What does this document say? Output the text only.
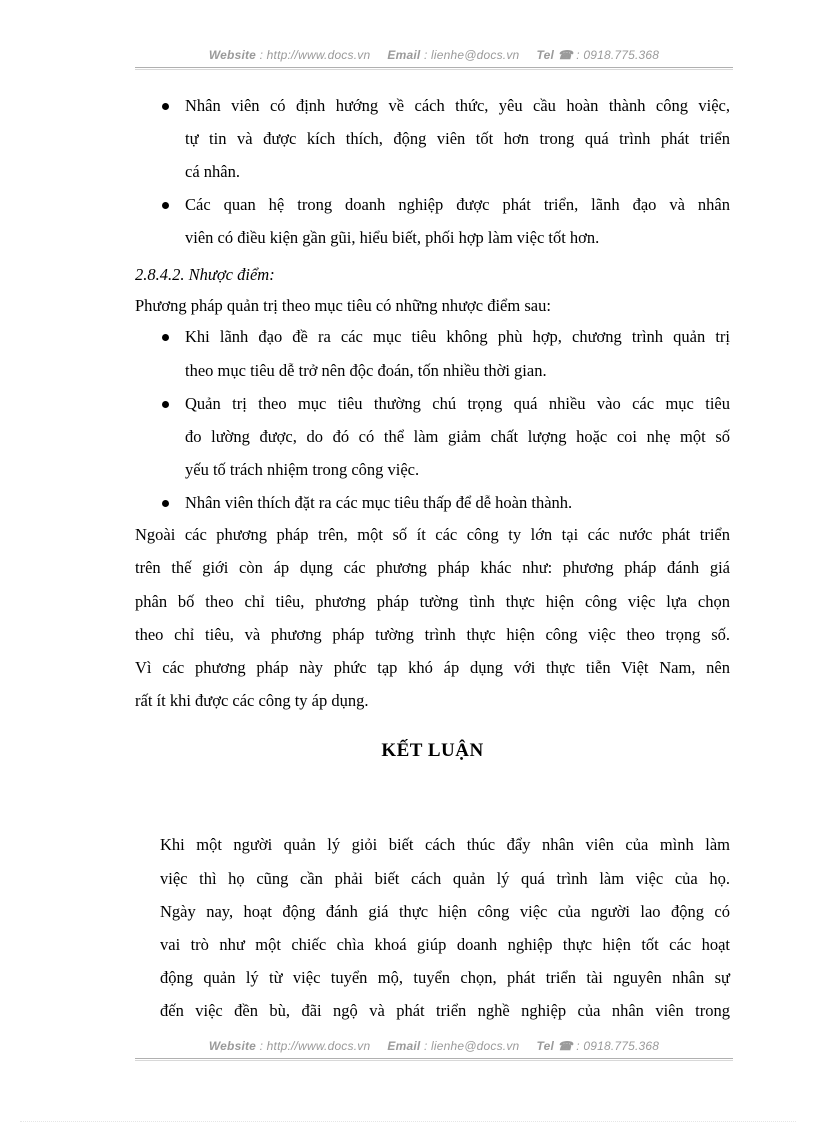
Website : http://www.docs.vn Email : lienhe@docs.vn Tel ☎ : 0918.775.368
Nhân viên có định hướng về cách thức, yêu cầu hoàn thành công việc,
tự tin và được kích thích, động viên tốt hơn trong quá trình phát triển
cá nhân.
Các quan hệ trong doanh nghiệp được phát triển, lãnh đạo và nhân
viên có điều kiện gần gũi, hiểu biết, phối hợp làm việc tốt hơn.
2.8.4.2. Nhược điểm:
Phương pháp quản trị theo mục tiêu có những nhược điểm sau:
Khi lãnh đạo đề ra các mục tiêu không phù hợp, chương trình quản trị
theo mục tiêu dễ trở nên độc đoán, tốn nhiều thời gian.
Quản trị theo mục tiêu thường chú trọng quá nhiều vào các mục tiêu
đo lường được, do đó có thể làm giảm chất lượng hoặc coi nhẹ một số
yếu tố trách nhiệm trong công việc.
Nhân viên thích đặt ra các mục tiêu thấp để dễ hoàn thành.
Ngoài các phương pháp trên, một số ít các công ty lớn tại các nước phát triển
trên thế giới còn áp dụng các phương pháp khác như: phương pháp đánh giá
phân bố theo chỉ tiêu, phương pháp tường tình thực hiện công việc lựa chọn
theo chỉ tiêu, và phương pháp tường trình thực hiện công việc theo trọng số.
Vì các phương pháp này phức tạp khó áp dụng với thực tiễn Việt Nam, nên
rất ít khi được các công ty áp dụng.
KẾT LUẬN
Khi một người quản lý giỏi biết cách thúc đẩy nhân viên của mình làm
việc thì họ cũng cần phải biết cách quản lý quá trình làm việc của họ.
Ngày nay, hoạt động đánh giá thực hiện công việc của người lao động có
vai trò như một chiếc chìa khoá giúp doanh nghiệp thực hiện tốt các hoạt
động quản lý từ việc tuyển mộ, tuyển chọn, phát triển tài nguyên nhân sự
đến việc đền bù, đãi ngộ và phát triển nghề nghiệp của nhân viên trong
Website : http://www.docs.vn Email : lienhe@docs.vn Tel ☎ : 0918.775.368
